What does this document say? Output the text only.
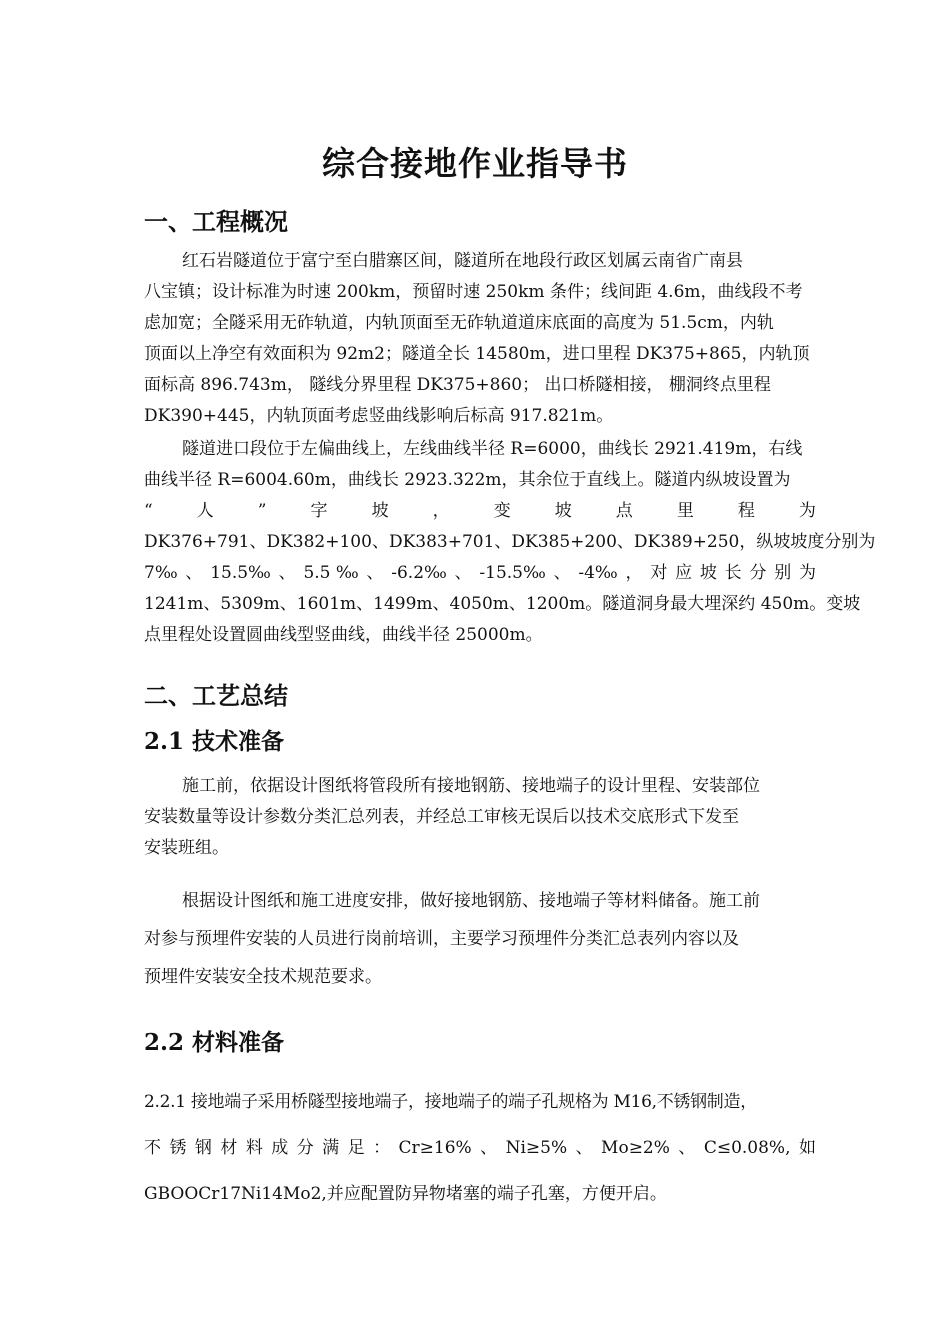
综合接地作业指导书
一、工程概况
红石岩隧道位于富宁至白腊寨区间，隧道所在地段行政区划属云南省广南县
八宝镇；设计标准为时速 200km，预留时速 250km 条件；线间距 4.6m，曲线段不考
虑加宽；全隧采用无砟轨道，内轨顶面至无砟轨道道床底面的高度为 51.5cm，内轨
顶面以上净空有效面积为 92m2；隧道全长 14580m，进口里程 DK375+865，内轨顶
面标高 896.743m， 隧线分界里程 DK375+860； 出口桥隧相接， 棚洞终点里程
DK390+445，内轨顶面考虑竖曲线影响后标高 917.821m。
隧道进口段位于左偏曲线上，左线曲线半径 R=6000，曲线长 2921.419m，右线
曲线半径 R=6004.60m，曲线长 2923.322m，其余位于直线上。隧道内纵坡设置为
“	人	”	字	坡	，	变	坡	点	里	程	为
DK376+791、DK382+100、DK383+701、DK385+200、DK389+250，纵坡坡度分别为
7‰ 、 15.5‰ 、 5.5 ‰ 、 -6.2‰ 、 -15.5‰ 、 -4‰ ， 对 应 坡 长 分 别 为
1241m、5309m、1601m、1499m、4050m、1200m。隧道洞身最大埋深约 450m。变坡
点里程处设置圆曲线型竖曲线，曲线半径 25000m。
二、工艺总结
2.1 技术准备
施工前，依据设计图纸将管段所有接地钢筋、接地端子的设计里程、安装部位
安装数量等设计参数分类汇总列表，并经总工审核无误后以技术交底形式下发至
安装班组。
根据设计图纸和施工进度安排，做好接地钢筋、接地端子等材料储备。施工前
对参与预埋件安装的人员进行岗前培训，主要学习预埋件分类汇总表列内容以及
预埋件安装安全技术规范要求。
2.2 材料准备
2.2.1 接地端子采用桥隧型接地端子，接地端子的端子孔规格为 M16,不锈钢制造，
不 锈 钢 材 料 成 分 满 足 ： Cr≥16% 、 Ni≥5% 、 Mo≥2% 、 C≤0.08%, 如
GBOOCr17Ni14Mo2,并应配置防异物堵塞的端子孔塞，方便开启。
